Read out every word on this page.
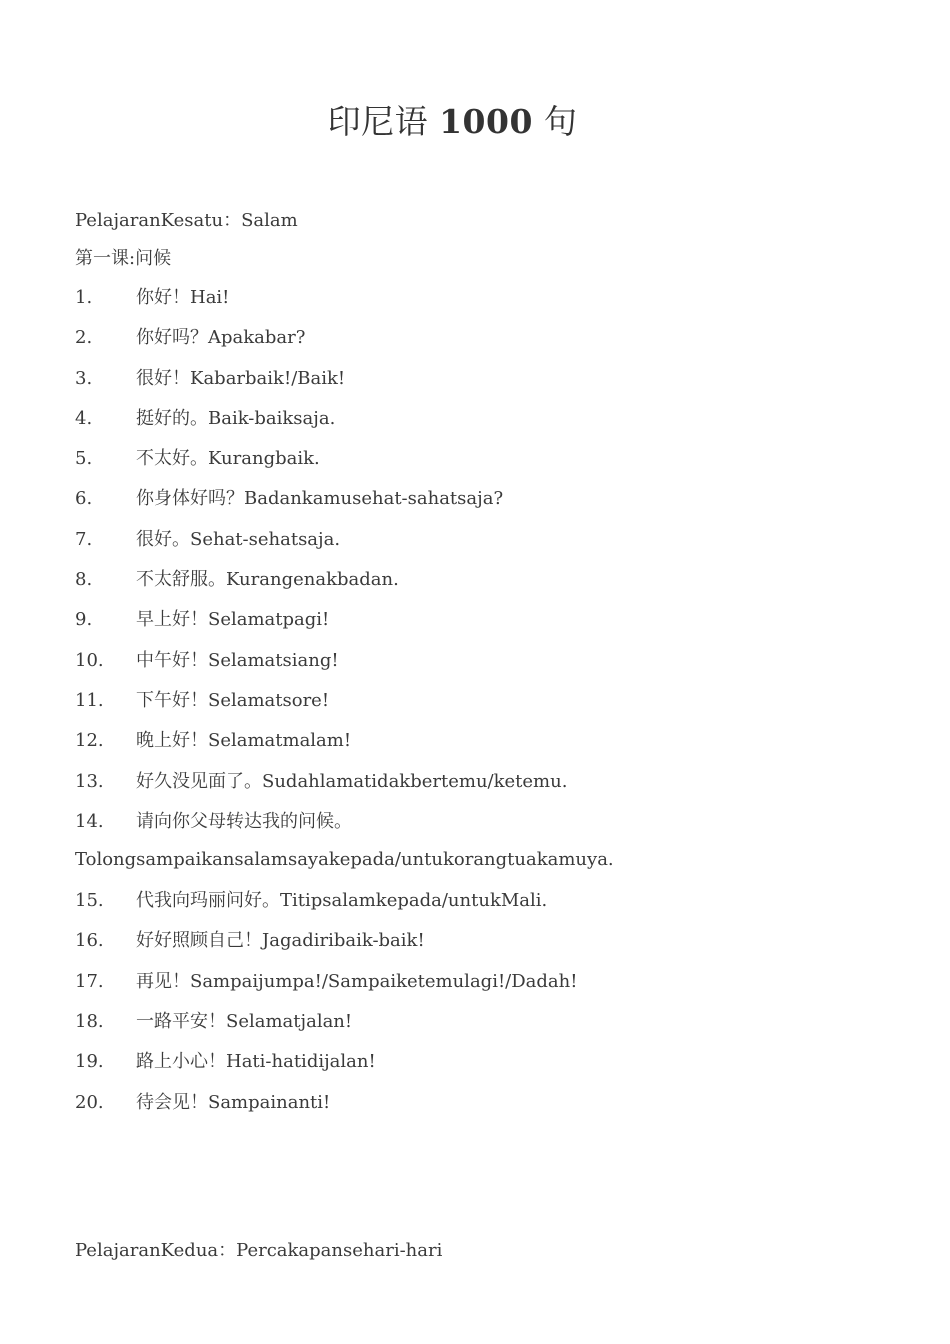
印尼语 1000 句
PelajaranKesatu：Salam
第一课:问候
1. 你好！Hai!
2. 你好吗？Apakabar?
3. 很好！Kabarbaik!/Baik!
4. 挺好的。Baik-baiksaja.
5. 不太好。Kurangbaik.
6. 你身体好吗？Badankamusehat-sahatsaja?
7. 很好。Sehat-sehatsaja.
8. 不太舒服。Kurangenakbadan.
9. 早上好！Selamatpagi!
10. 中午好！Selamatsiang!
11. 下午好！Selamatsore!
12. 晚上好！Selamatmalam!
13. 好久没见面了。Sudahlamatidakbertemu/ketemu.
14. 请向你父母转达我的问候。Tolongsampaikansalamsayakepada/untukorangtuakamuya.
15. 代我向玛丽问好。Titipsalamkepada/untukMali.
16. 好好照顾自己！Jagadiribaik-baik!
17. 再见！Sampaijumpa!/Sampaiketemulagi!/Dadah!
18. 一路平安！Selamatjalan!
19. 路上小心！Hati-hatidijalan!
20. 待会见！Sampainanti!
PelajaranKedua：Percakapansehari-hari
